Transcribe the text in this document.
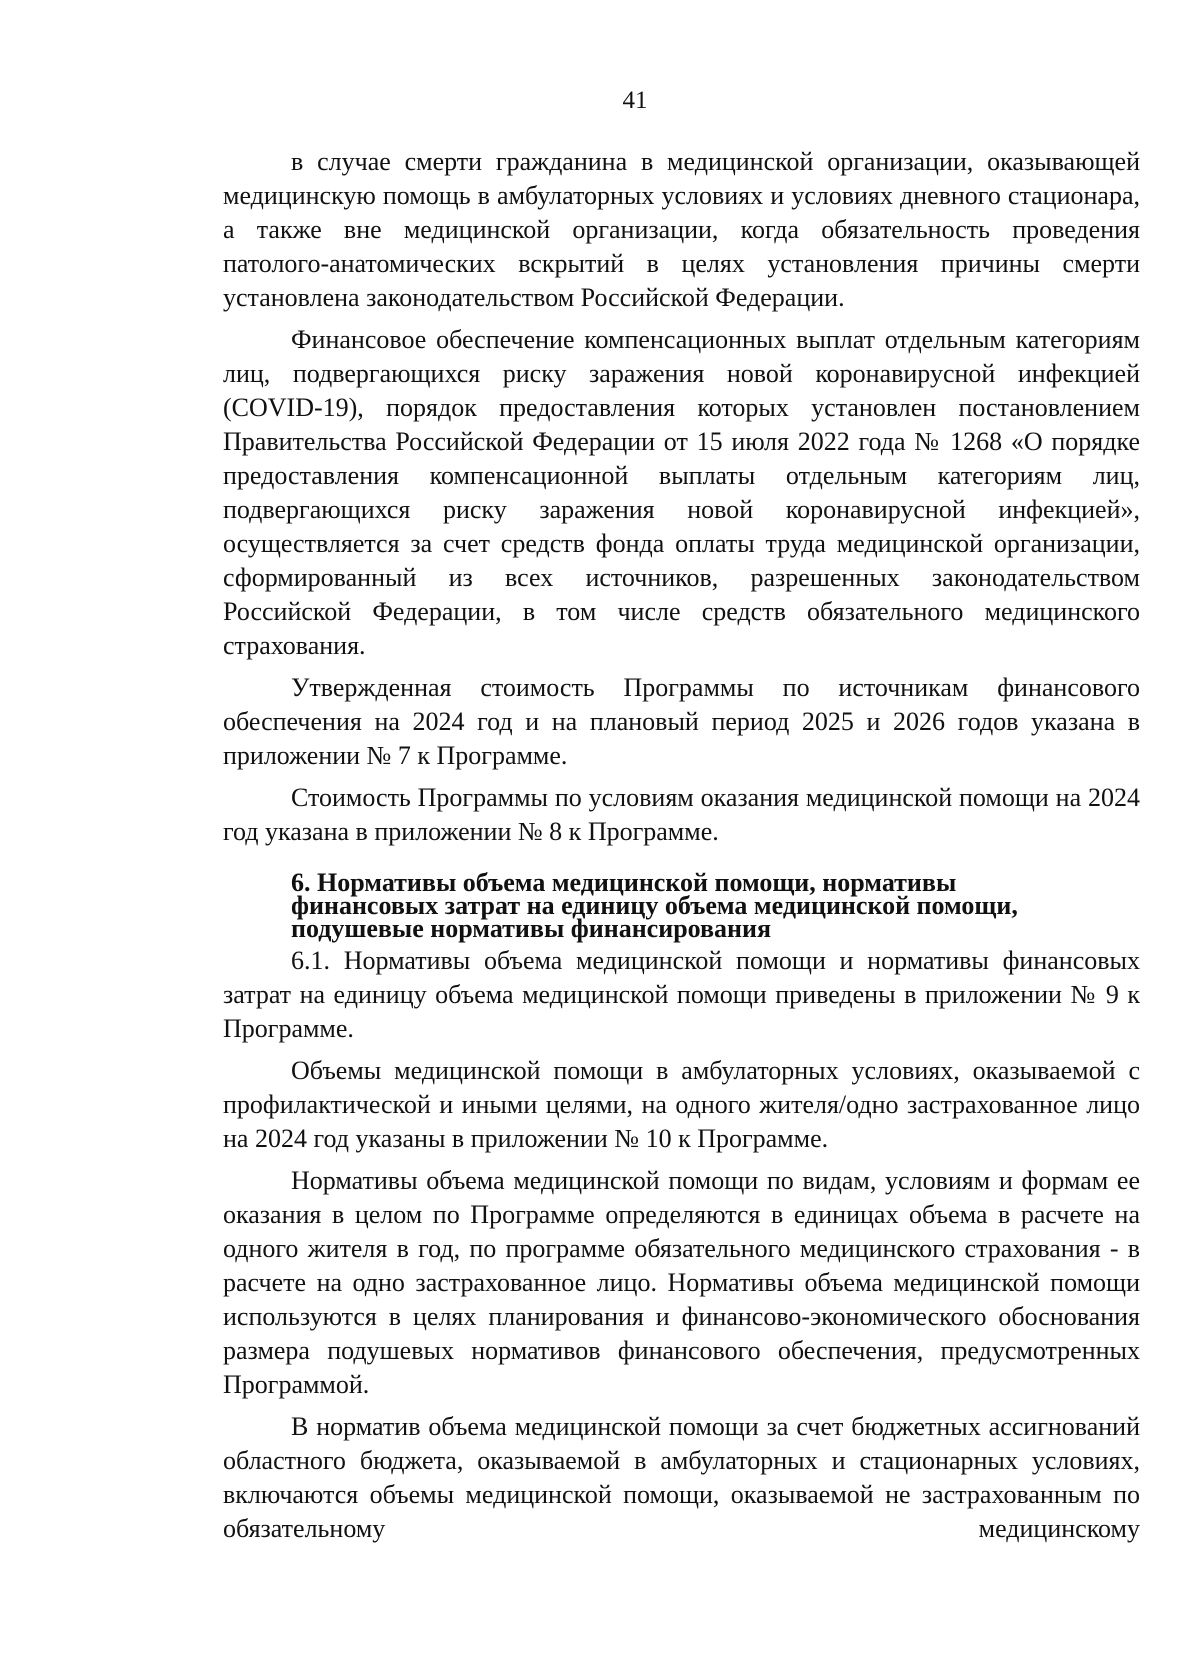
41

в случае смерти гражданина в медицинской организации, оказывающей медицинскую помощь в амбулаторных условиях и условиях дневного стационара, а также вне медицинской организации, когда обязательность проведения патолого-анатомических вскрытий в целях установления причины смерти установлена законодательством Российской Федерации.

Финансовое обеспечение компенсационных выплат отдельным категориям лиц, подвергающихся риску заражения новой коронавирусной инфекцией (COVID-19), порядок предоставления которых установлен постановлением Правительства Российской Федерации от 15 июля 2022 года № 1268 «О порядке предоставления компенсационной выплаты отдельным категориям лиц, подвергающихся риску заражения новой коронавирусной инфекцией», осуществляется за счет средств фонда оплаты труда медицинской организации, сформированный из всех источников, разрешенных законодательством Российской Федерации, в том числе средств обязательного медицинского страхования.

Утвержденная стоимость Программы по источникам финансового обеспечения на 2024 год и на плановый период 2025 и 2026 годов указана в приложении № 7 к Программе.

Стоимость Программы по условиям оказания медицинской помощи на 2024 год указана в приложении № 8 к Программе.

6. Нормативы объема медицинской помощи, нормативы
финансовых затрат на единицу объема медицинской помощи,
подушевые нормативы финансирования

6.1. Нормативы объема медицинской помощи и нормативы финансовых затрат на единицу объема медицинской помощи приведены в приложении № 9 к Программе.

Объемы медицинской помощи в амбулаторных условиях, оказываемой с профилактической и иными целями, на одного жителя/одно застрахованное лицо на 2024 год указаны в приложении № 10 к Программе.

Нормативы объема медицинской помощи по видам, условиям и формам ее оказания в целом по Программе определяются в единицах объема в расчете на одного жителя в год, по программе обязательного медицинского страхования - в расчете на одно застрахованное лицо. Нормативы объема медицинской помощи используются в целях планирования и финансово-экономического обоснования размера подушевых нормативов финансового обеспечения, предусмотренных Программой.

В норматив объема медицинской помощи за счет бюджетных ассигнований областного бюджета, оказываемой в амбулаторных и стационарных условиях, включаются объемы медицинской помощи, оказываемой не застрахованным по обязательному медицинскому
